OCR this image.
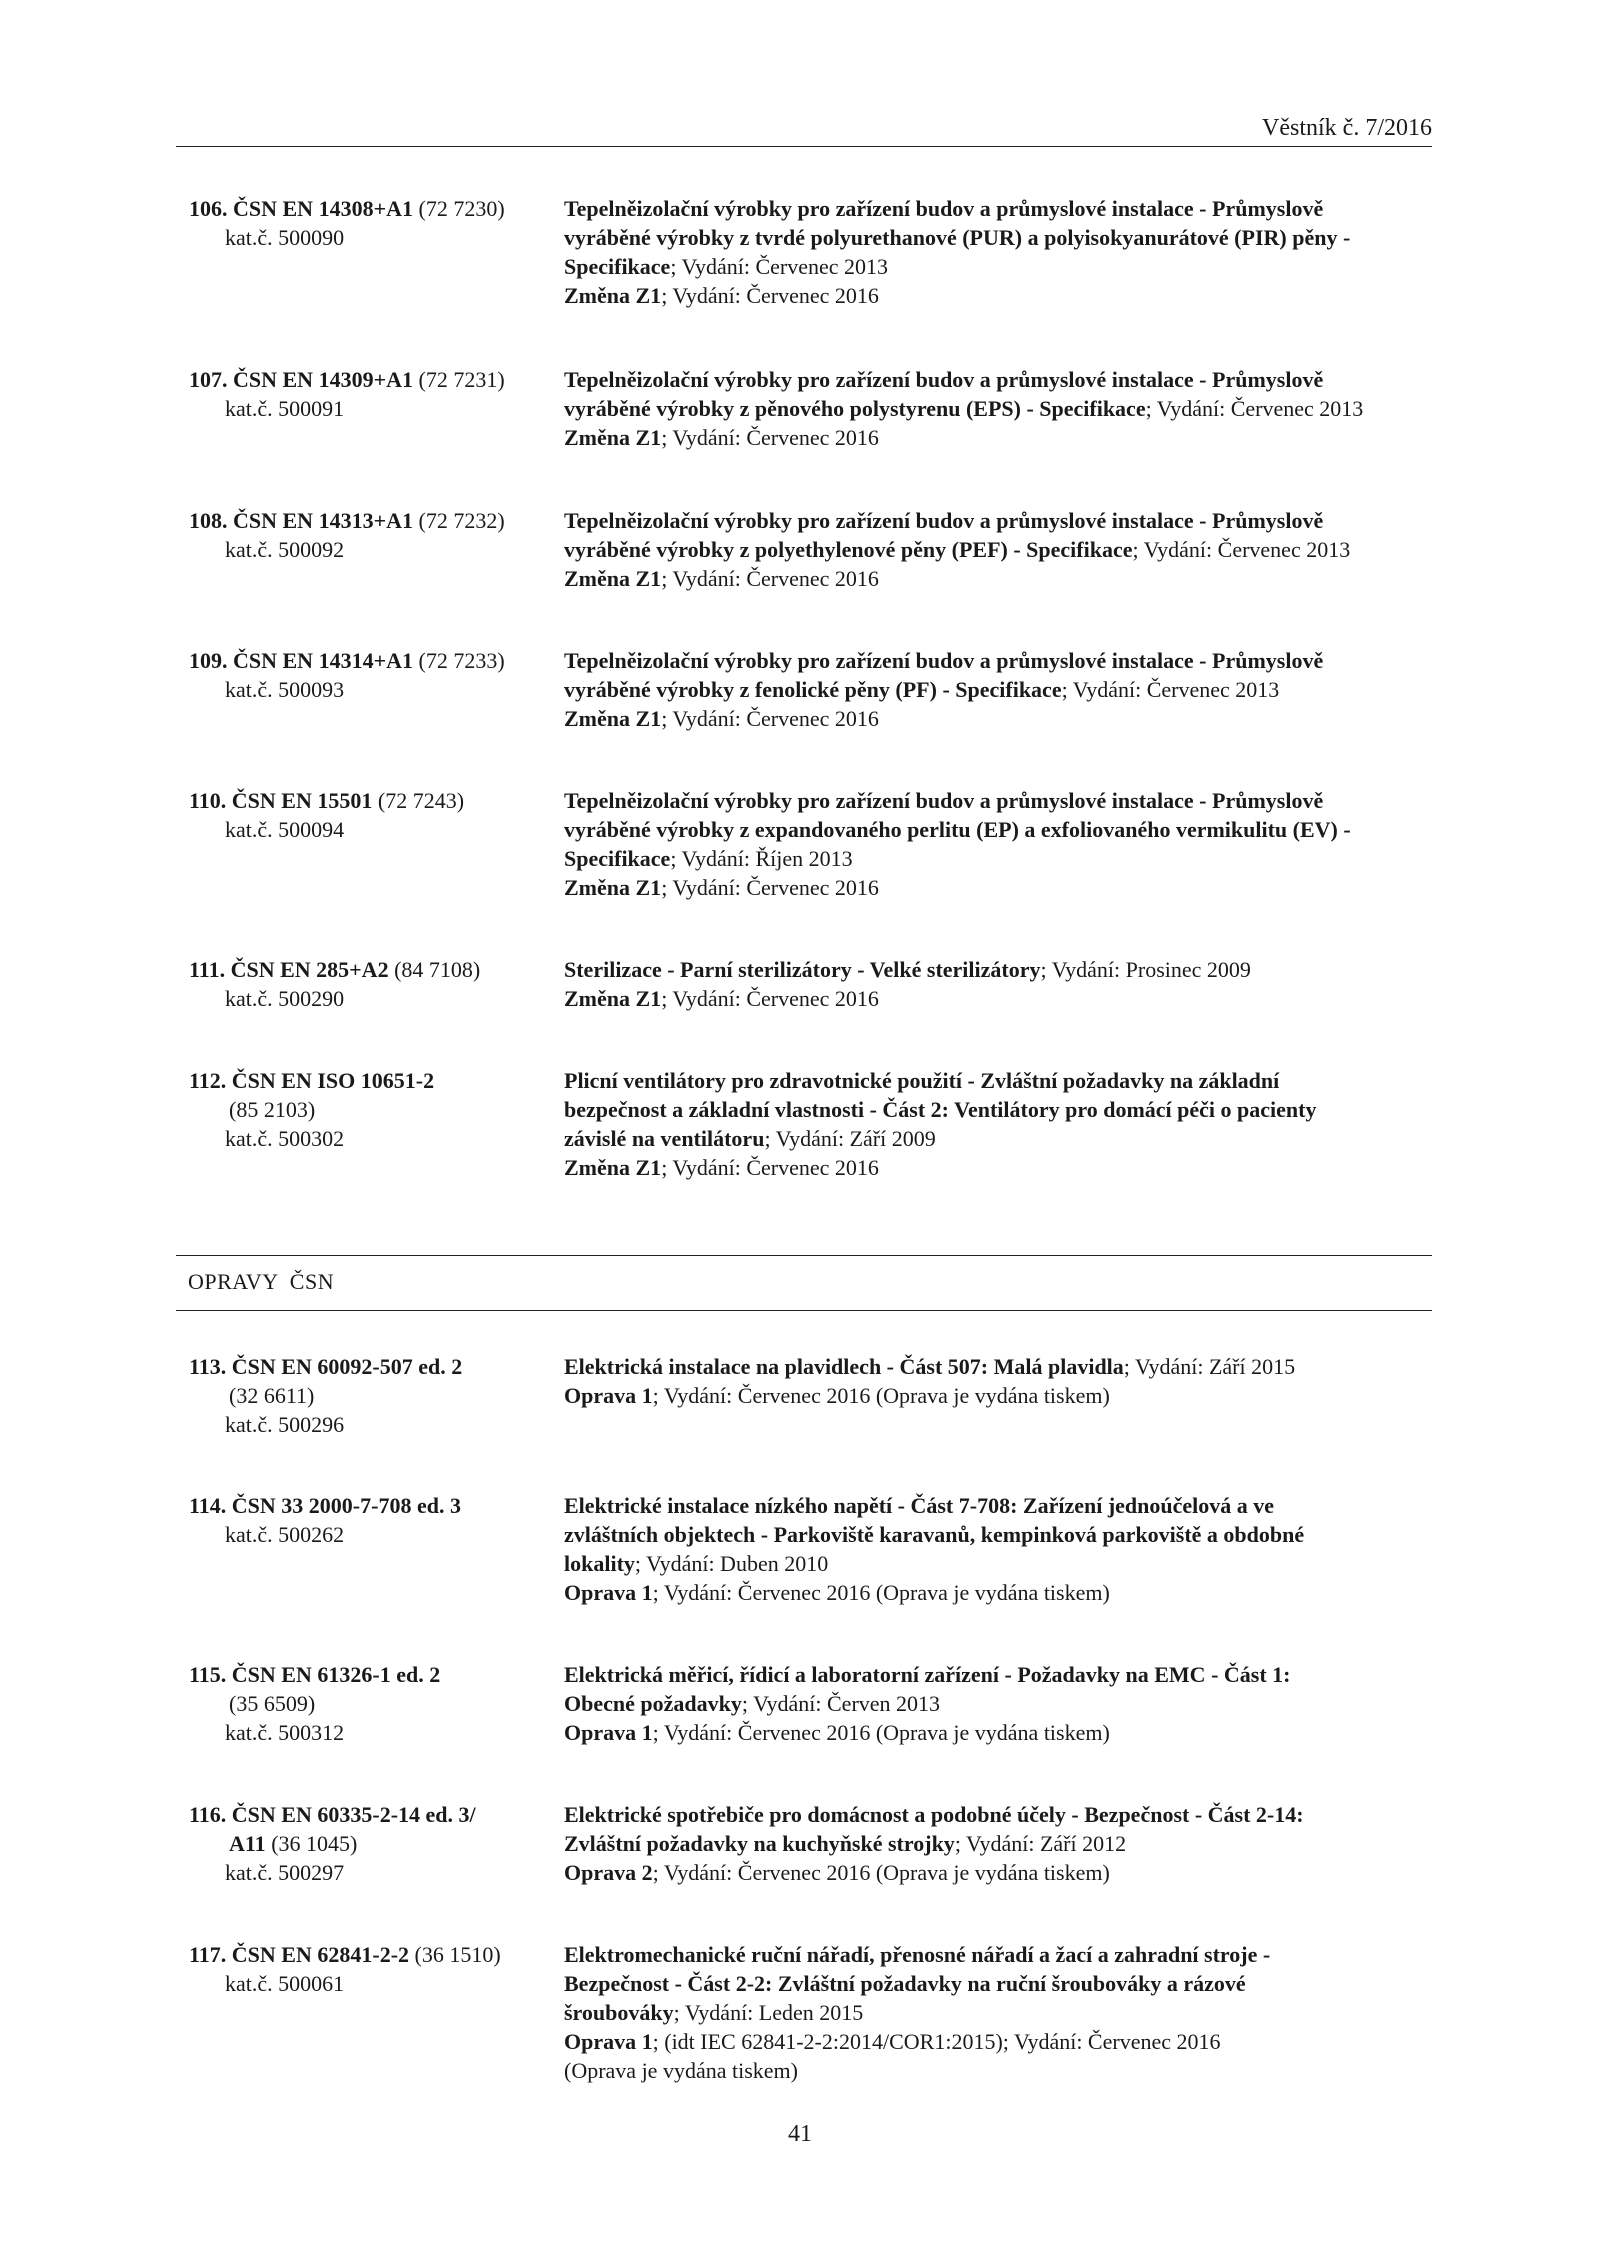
Věstník č. 7/2016
106. ČSN EN 14308+A1 (72 7230)
kat.č. 500090
Tepelněizolační výrobky pro zařízení budov a průmyslové instalace - Průmyslově
vyráběné výrobky z tvrdé polyurethanové (PUR) a polyisokyanurátové (PIR) pěny -
Specifikace; Vydání: Červenec 2013
Změna Z1; Vydání: Červenec 2016
107. ČSN EN 14309+A1 (72 7231)
kat.č. 500091
Tepelněizolační výrobky pro zařízení budov a průmyslové instalace - Průmyslově
vyráběné výrobky z pěnového polystyrenu (EPS) - Specifikace; Vydání: Červenec 2013
Změna Z1; Vydání: Červenec 2016
108. ČSN EN 14313+A1 (72 7232)
kat.č. 500092
Tepelněizolační výrobky pro zařízení budov a průmyslové instalace - Průmyslově
vyráběné výrobky z polyethylenové pěny (PEF) - Specifikace; Vydání: Červenec 2013
Změna Z1; Vydání: Červenec 2016
109. ČSN EN 14314+A1 (72 7233)
kat.č. 500093
Tepelněizolační výrobky pro zařízení budov a průmyslové instalace - Průmyslově
vyráběné výrobky z fenolické pěny (PF) - Specifikace; Vydání: Červenec 2013
Změna Z1; Vydání: Červenec 2016
110. ČSN EN 15501 (72 7243)
kat.č. 500094
Tepelněizolační výrobky pro zařízení budov a průmyslové instalace - Průmyslově
vyráběné výrobky z expandovaného perlitu (EP) a exfoliovaného vermikulitu (EV) -
Specifikace; Vydání: Říjen 2013
Změna Z1; Vydání: Červenec 2016
111. ČSN EN 285+A2 (84 7108)
kat.č. 500290
Sterilizace - Parní sterilizátory - Velké sterilizátory; Vydání: Prosinec 2009
Změna Z1; Vydání: Červenec 2016
112. ČSN EN ISO 10651-2
(85 2103)
kat.č. 500302
Plicní ventilátory pro zdravotnické použití - Zvláštní požadavky na základní
bezpečnost a základní vlastnosti - Část 2: Ventilátory pro domácí péči o pacienty
závislé na ventilátoru; Vydání: Září 2009
Změna Z1; Vydání: Červenec 2016
OPRAVY  ČSN
113. ČSN EN 60092-507 ed. 2
(32 6611)
kat.č. 500296
Elektrická instalace na plavidlech - Část 507: Malá plavidla; Vydání: Září 2015
Oprava 1; Vydání: Červenec 2016 (Oprava je vydána tiskem)
114. ČSN 33 2000-7-708 ed. 3
kat.č. 500262
Elektrické instalace nízkého napětí - Část 7-708: Zařízení jednoúčelová a ve
zvláštních objektech - Parkoviště karavanů, kempinková parkoviště a obdobné
lokality; Vydání: Duben 2010
Oprava 1; Vydání: Červenec 2016 (Oprava je vydána tiskem)
115. ČSN EN 61326-1 ed. 2
(35 6509)
kat.č. 500312
Elektrická měřicí, řídicí a laboratorní zařízení - Požadavky na EMC - Část 1:
Obecné požadavky; Vydání: Červen 2013
Oprava 1; Vydání: Červenec 2016 (Oprava je vydána tiskem)
116. ČSN EN 60335-2-14 ed. 3/
A11 (36 1045)
kat.č. 500297
Elektrické spotřebiče pro domácnost a podobné účely - Bezpečnost - Část 2-14:
Zvláštní požadavky na kuchyňské strojky; Vydání: Září 2012
Oprava 2; Vydání: Červenec 2016 (Oprava je vydána tiskem)
117. ČSN EN 62841-2-2 (36 1510)
kat.č. 500061
Elektromechanické ruční nářadí, přenosné nářadí a žací a zahradní stroje -
Bezpečnost - Část 2-2: Zvláštní požadavky na ruční šroubováky a rázové
šroubováky; Vydání: Leden 2015
Oprava 1; (idt IEC 62841-2-2:2014/COR1:2015); Vydání: Červenec 2016
(Oprava je vydána tiskem)
41
